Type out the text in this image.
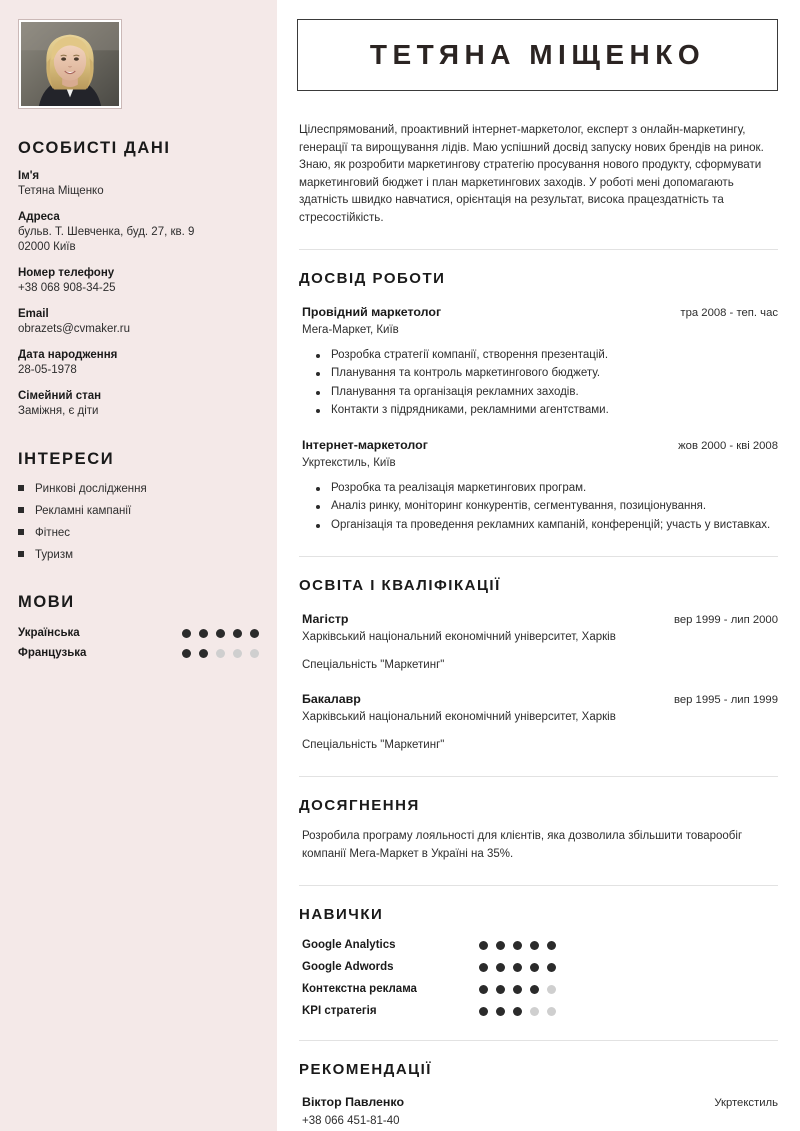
ОСОБИСТІ ДАНІ
Ім'я
Тетяна Міщенко
Адреса
бульв. Т. Шевченка, буд. 27, кв. 9
02000 Київ
Номер телефону
+38 068 908-34-25
Email
obrazets@cvmaker.ru
Дата народження
28-05-1978
Сімейний стан
Заміжня, є діти
ІНТЕРЕСИ
Ринкові дослідження
Рекламні кампанії
Фітнес
Туризм
МОВИ
Українська
Французька
ТЕТЯНА МІЩЕНКО

Цілеспрямований, проактивний інтернет-маркетолог, експерт з онлайн-маркетингу, генерації та вирощування лідів. Маю успішний досвід запуску нових брендів на ринок. Знаю, як розробити маркетингову стратегію просування нового продукту, сформувати маркетинговий бюджет і план маркетингових заходів. У роботі мені допомагають здатність швидко навчатися, орієнтація на результат, висока працездатність та стресостійкість.

ДОСВІД РОБОТИ
Провідний маркетолог	тра 2008 - теп. час
Мега-Маркет, Київ
Розробка стратегії компанії, створення презентацій.
Планування та контроль маркетингового бюджету.
Планування та організація рекламних заходів.
Контакти з підрядниками, рекламними агентствами.
Інтернет-маркетолог	жов 2000 - кві 2008
Укртекстиль, Київ
Розробка та реалізація маркетингових програм.
Аналіз ринку, моніторинг конкурентів, сегментування, позиціонування.
Організація та проведення рекламних кампаній, конференцій; участь у виставках.
ОСВІТА І КВАЛІФІКАЦІЇ
Магістр	вер 1999 - лип 2000
Харківський національний економічний університет, Харків
Спеціальність "Маркетинг"
Бакалавр	вер 1995 - лип 1999
Харківський національний економічний університет, Харків
Спеціальність "Маркетинг"
ДОСЯГНЕННЯ

Розробила програму лояльності для клієнтів, яка дозволила збільшити товарообіг компанії Мега-Маркет в Україні на 35%.

НАВИЧКИ
Google Analytics
Google Adwords
Контекстна реклама
KPI стратегія
РЕКОМЕНДАЦІЇ
Віктор Павленко	Укртекстиль
+38 066 451-81-40
